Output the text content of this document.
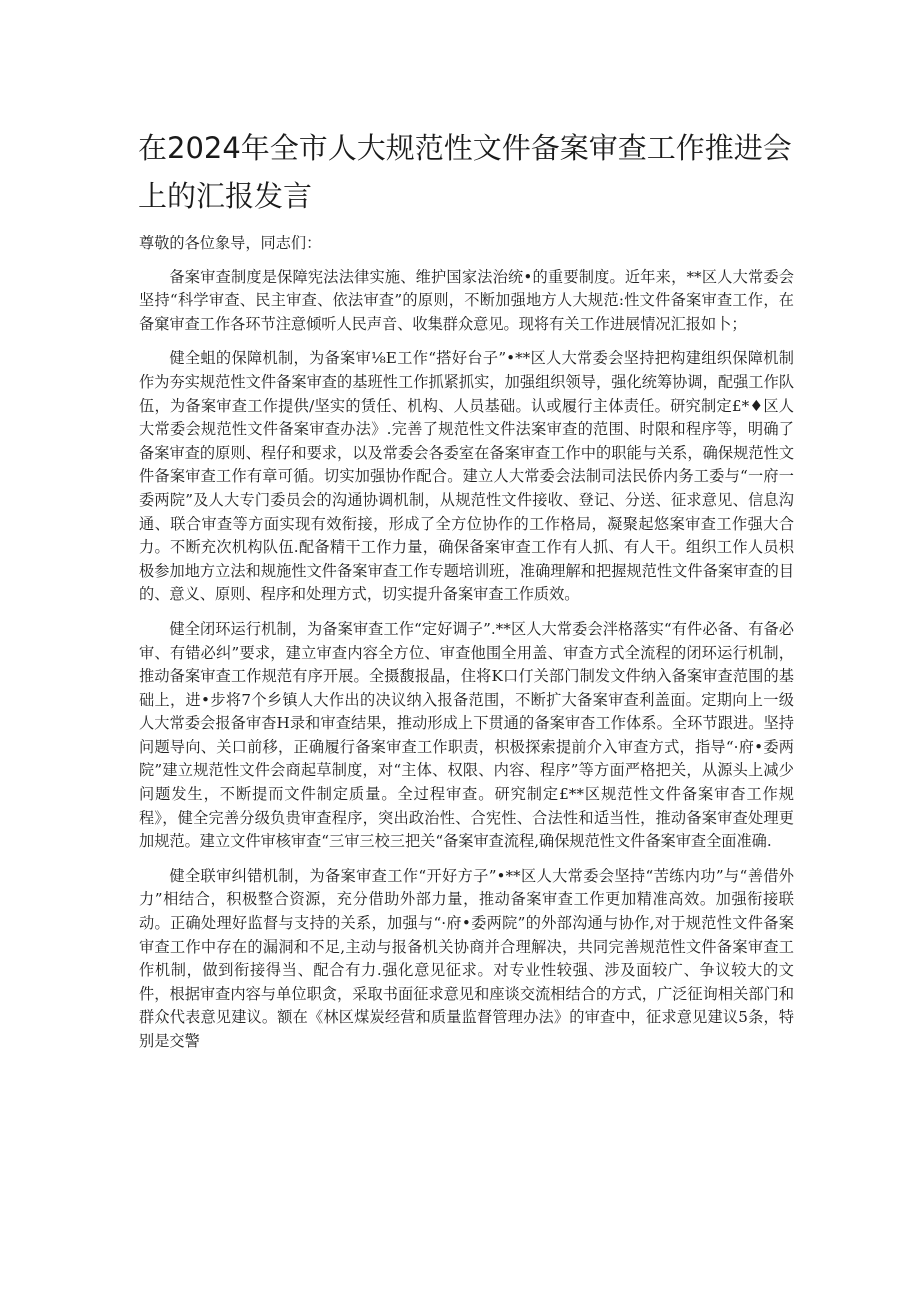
在2024年全市人大规范性文件备案审查工作推进会上的汇报发言

尊敬的各位象导，同志们：

备案审查制度是保障宪法法律实施、维护国家法治统•的重要制度。近年来，**区人大常委会坚持“科学审查、民主审查、依法审查”的原则，不断加强地方人大规范:性文件备案审查工作，在备窠审查工作各环节注意倾听人民声音、收集群众意见。现将有关工作进展情况汇报如卜；

健全蛆的保障机制，为备案审⅛E工作“搭好台子”•**区人大常委会坚持把构建组织保障机制作为夯实规范性文件备案审查的基班性工作抓紧抓实，加强组织领导，强化统筹协调，配强工作队伍，为备案审查工作提供/坚实的赁任、机构、人员基础。认或履行主体责任。研究制定£*♦区人大常委会规范性文件备案审查办法》.完善了规范性文件法案审查的范围、时限和程序等，明确了备案审查的原则、程仔和要求，以及常委会各委室在备案审查工作中的职能与关系，确保规范性文件备案审查工作有章可循。切实加强协作配合。建立人大常委会法制司法民侨内务工委与“一府一委两院”及人大专门委员会的沟通协调机制，从规范性文件接收、登记、分送、征求意见、信息沟通、联合审查等方面实现有效衔接，形成了全方位协作的工作格局，凝聚起悠案审查工作强大合力。不断充次机构队伍.配备精干工作力量，确保备案审查工作有人抓、有人干。组织工作人员枳极参加地方立法和规施性文件备案审查工作专题培训班，准确理解和把握规范性文件备案审查的目的、意义、原则、程序和处理方式，切实提升备案审查工作质效。

健全闭环运行机制，为备案审查工作“定好调子”.**区人大常委会泮格落实“有件必备、有备必审、有错必纠”要求，建立审查内容全方位、审查他围全用盖、审查方式全流程的闭环运行机制，推动备案审查工作规范有序开展。全摄馥报晶，住将K口仃关部门制发文件纳入备案审查范围的基础上，进•步将7个乡镇人大作出的决议纳入报备范围，不断扩大备案审查利盖面。定期向上一级人大常委会报备审杳H录和审查结果，推动形成上下贯通的备案审杳工作体系。全环节跟进。坚持问题导向、关口前移，正确履行备案审查工作职责，枳极探索提前介入审查方式，指导“·府•委两院”建立规范性文件会商起草制度，对“主体、权限、内容、程序”等方面严格把关，从源头上减少问题发生，不断提而文件制定质量。全过程审查。研究制定£**区规范性文件备案审杳工作规程》，健全完善分级负贵审查程序，突出政治性、合宪性、合法性和适当性，推动备案审查处理更加规范。建立文件审核审查“三审三校三把关“备案审查流程,确保规范性文件备案审查全面准确.

健全联审纠错机制，为备案审查工作“开好方子”•**区人大常委会坚持“苦练内功”与“善借外力”相结合，积极整合资源，充分借助外部力量，推动备案审查工作更加精准高效。加强衔接联动。正确处理好监督与支持的关系，加强与“·府•委两院”的外部沟通与协作,对于规范性文件备案审查工作中存在的漏洞和不足,主动与报备机关协商并合理解决，共同完善规范性文件备案审查工作机制，做到衔接得当、配合有力.强化意见征求。对专业性较强、涉及面较广、争议较大的文件，根据审查内容与单位职贪，采取书面征求意见和座谈交流相结合的方式，广泛征询相关部门和群众代表意见建议。额在《林区煤炭经营和质量监督管理办法》的审查中，征求意见建议5条，特别是交警
